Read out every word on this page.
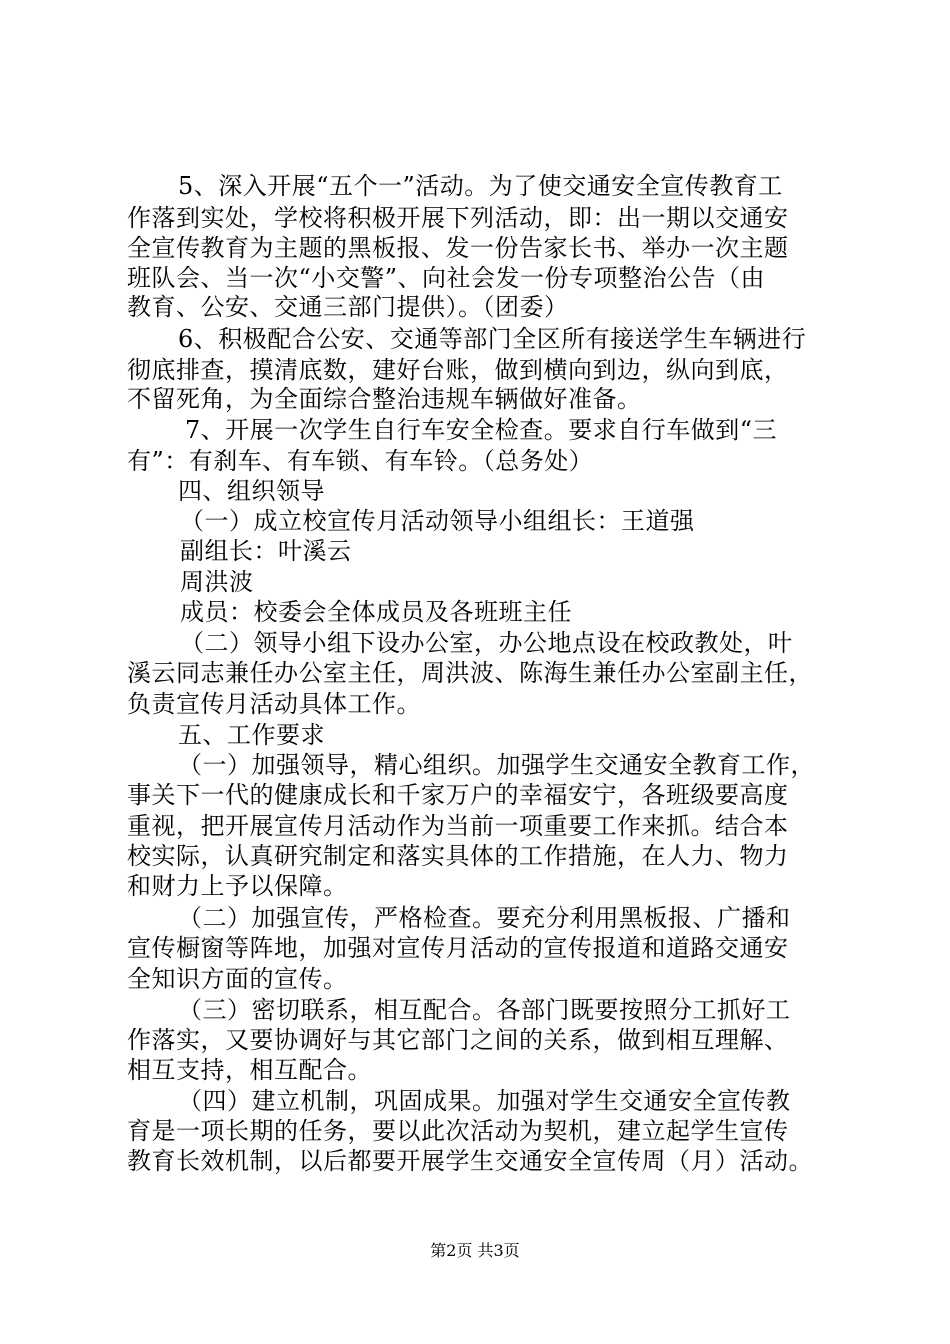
5、深入开展“五个一”活动。为了使交通安全宣传教育工
作落到实处，学校将积极开展下列活动，即：出一期以交通安
全宣传教育为主题的黑板报、发一份告家长书、举办一次主题
班队会、当一次“小交警”、向社会发一份专项整治公告（由
教育、公安、交通三部门提供）。（团委）
6、积极配合公安、交通等部门全区所有接送学生车辆进行
彻底排查，摸清底数，建好台账，做到横向到边，纵向到底，
不留死角，为全面综合整治违规车辆做好准备。
7、开展一次学生自行车安全检查。要求自行车做到“三
有”：有刹车、有车锁、有车铃。（总务处）
四、组织领导
（一）成立校宣传月活动领导小组组长：王道强
副组长：叶溪云
周洪波
成员：校委会全体成员及各班班主任
（二）领导小组下设办公室，办公地点设在校政教处，叶
溪云同志兼任办公室主任，周洪波、陈海生兼任办公室副主任，
负责宣传月活动具体工作。
五、工作要求
（一）加强领导，精心组织。加强学生交通安全教育工作，
事关下一代的健康成长和千家万户的幸福安宁，各班级要高度
重视，把开展宣传月活动作为当前一项重要工作来抓。结合本
校实际，认真研究制定和落实具体的工作措施，在人力、物力
和财力上予以保障。
（二）加强宣传，严格检查。要充分利用黑板报、广播和
宣传橱窗等阵地，加强对宣传月活动的宣传报道和道路交通安
全知识方面的宣传。
（三）密切联系，相互配合。各部门既要按照分工抓好工
作落实，又要协调好与其它部门之间的关系，做到相互理解、
相互支持，相互配合。
（四）建立机制，巩固成果。加强对学生交通安全宣传教
育是一项长期的任务，要以此次活动为契机，建立起学生宣传
教育长效机制，以后都要开展学生交通安全宣传周（月）活动。
第2页 共3页
